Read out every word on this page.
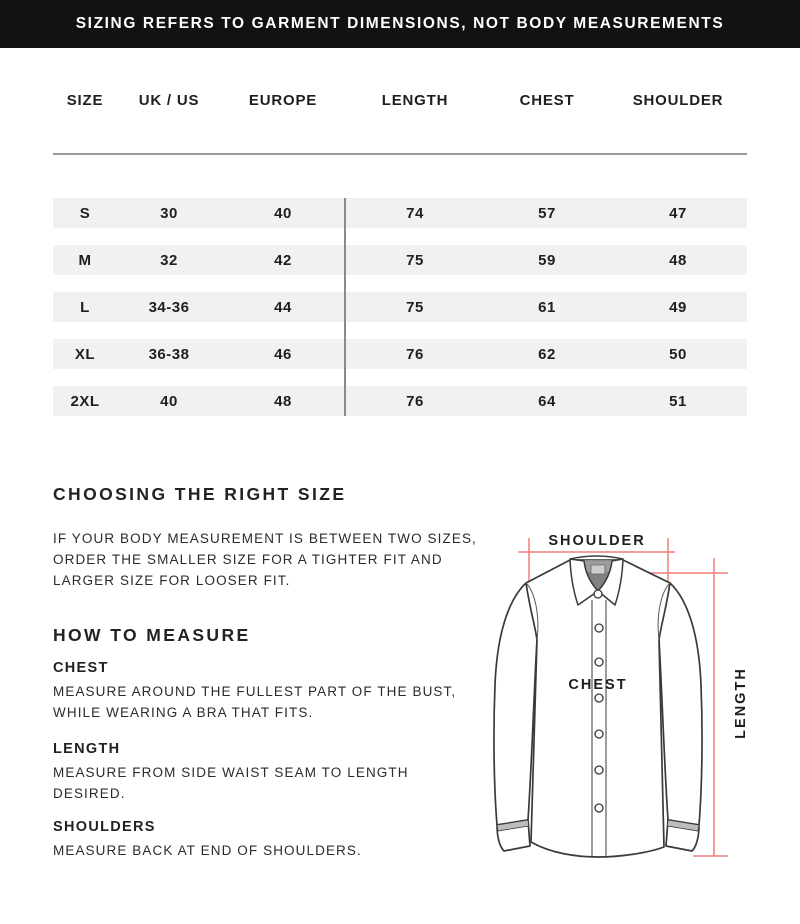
SIZING REFERS TO GARMENT DIMENSIONS, NOT BODY MEASUREMENTS
SIZE	UK / US	EUROPE	LENGTH	CHEST	SHOULDER
S	30	40	74	57	47
M	32	42	75	59	48
L	34-36	44	75	61	49
XL	36-38	46	76	62	50
2XL	40	48	76	64	51
CHOOSING THE RIGHT SIZE
IF YOUR BODY MEASUREMENT IS BETWEEN TWO SIZES, ORDER THE SMALLER SIZE FOR A TIGHTER FIT AND LARGER SIZE FOR LOOSER FIT.
HOW TO MEASURE
CHEST
MEASURE AROUND THE FULLEST PART OF THE BUST, WHILE WEARING A BRA THAT FITS.
LENGTH
MEASURE FROM SIDE WAIST SEAM TO LENGTH DESIRED.
SHOULDERS
MEASURE BACK AT END OF SHOULDERS.
SHOULDER
CHEST	LENGTH
